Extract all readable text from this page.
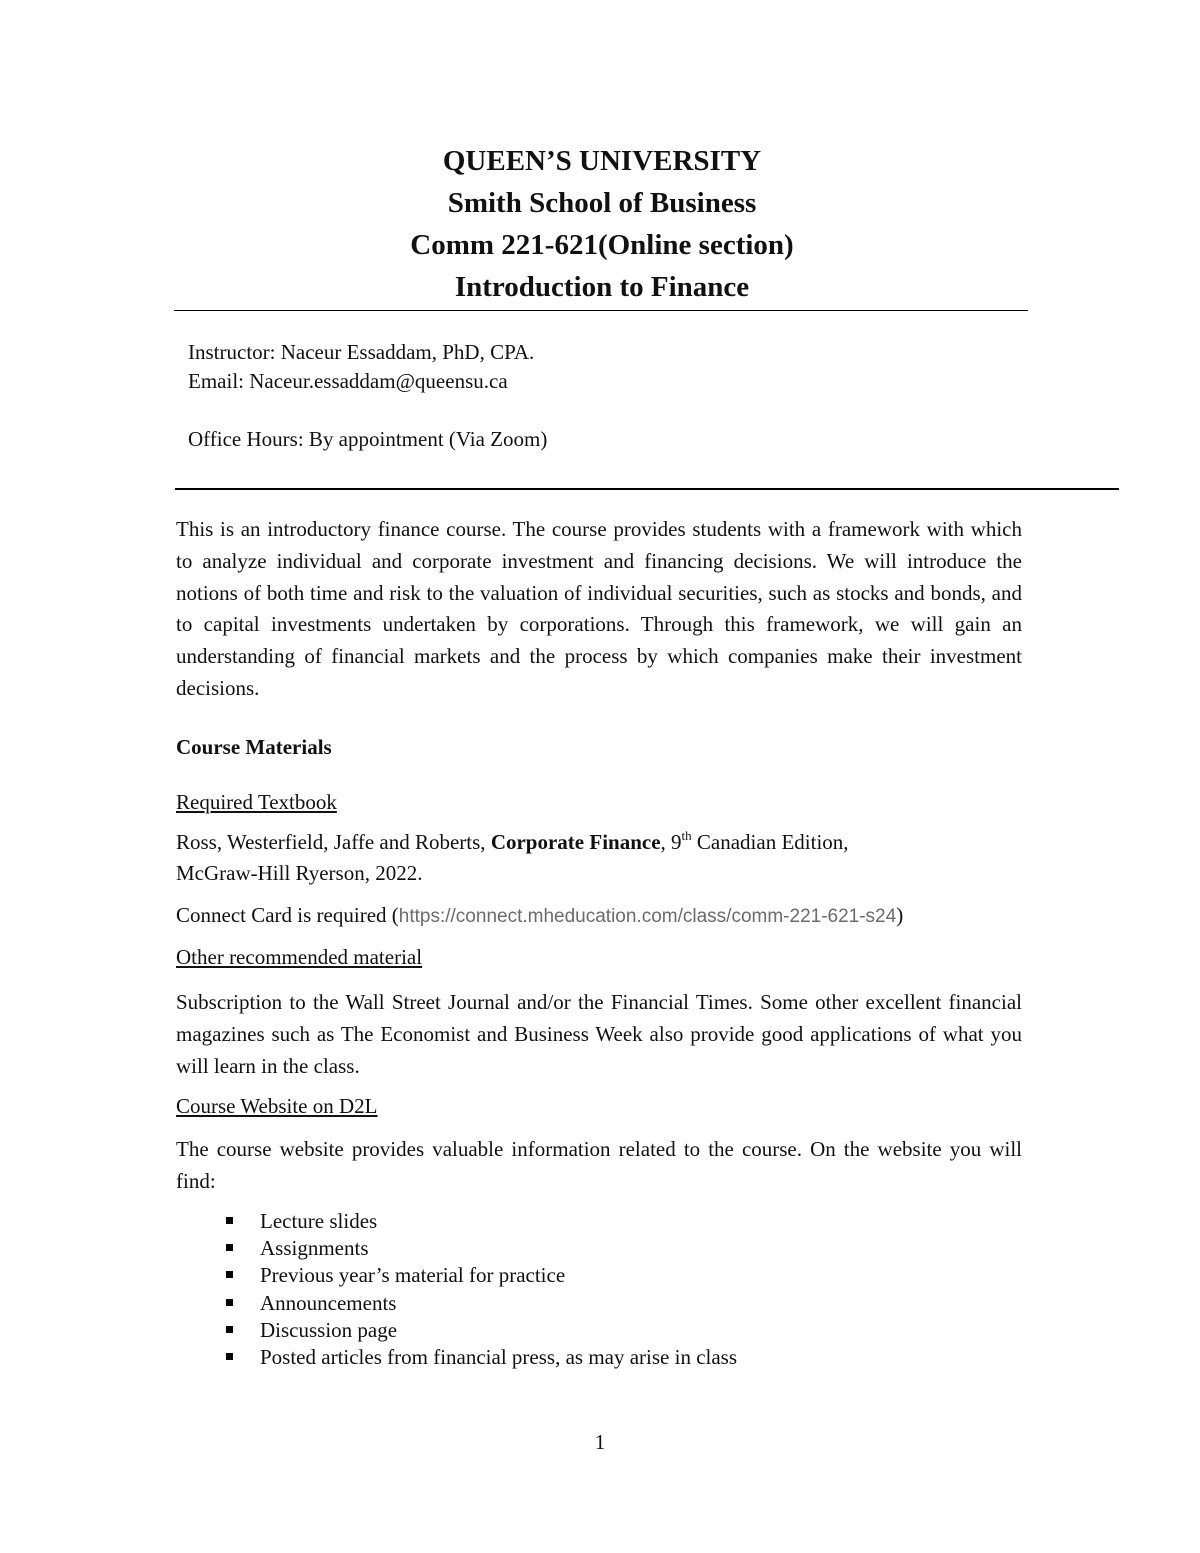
QUEEN’S UNIVERSITY
Smith School of Business
Comm 221-621(Online section)
Introduction to Finance
Instructor: Naceur Essaddam, PhD, CPA.
Email: Naceur.essaddam@queensu.ca
Office Hours: By appointment (Via Zoom)
This is an introductory finance course. The course provides students with a framework with which to analyze individual and corporate investment and financing decisions. We will introduce the notions of both time and risk to the valuation of individual securities, such as stocks and bonds, and to capital investments undertaken by corporations. Through this framework, we will gain an understanding of financial markets and the process by which companies make their investment decisions.
Course Materials
Required Textbook
Ross, Westerfield, Jaffe and Roberts, Corporate Finance, 9th Canadian Edition,
McGraw-Hill Ryerson, 2022.
Connect Card is required (https://connect.mheducation.com/class/comm-221-621-s24)
Other recommended material
Subscription to the Wall Street Journal and/or the Financial Times. Some other excellent financial magazines such as The Economist and Business Week also provide good applications of what you will learn in the class.
Course Website on D2L
The course website provides valuable information related to the course. On the website you will find:
Lecture slides
Assignments
Previous year’s material for practice
Announcements
Discussion page
Posted articles from financial press, as may arise in class
1
